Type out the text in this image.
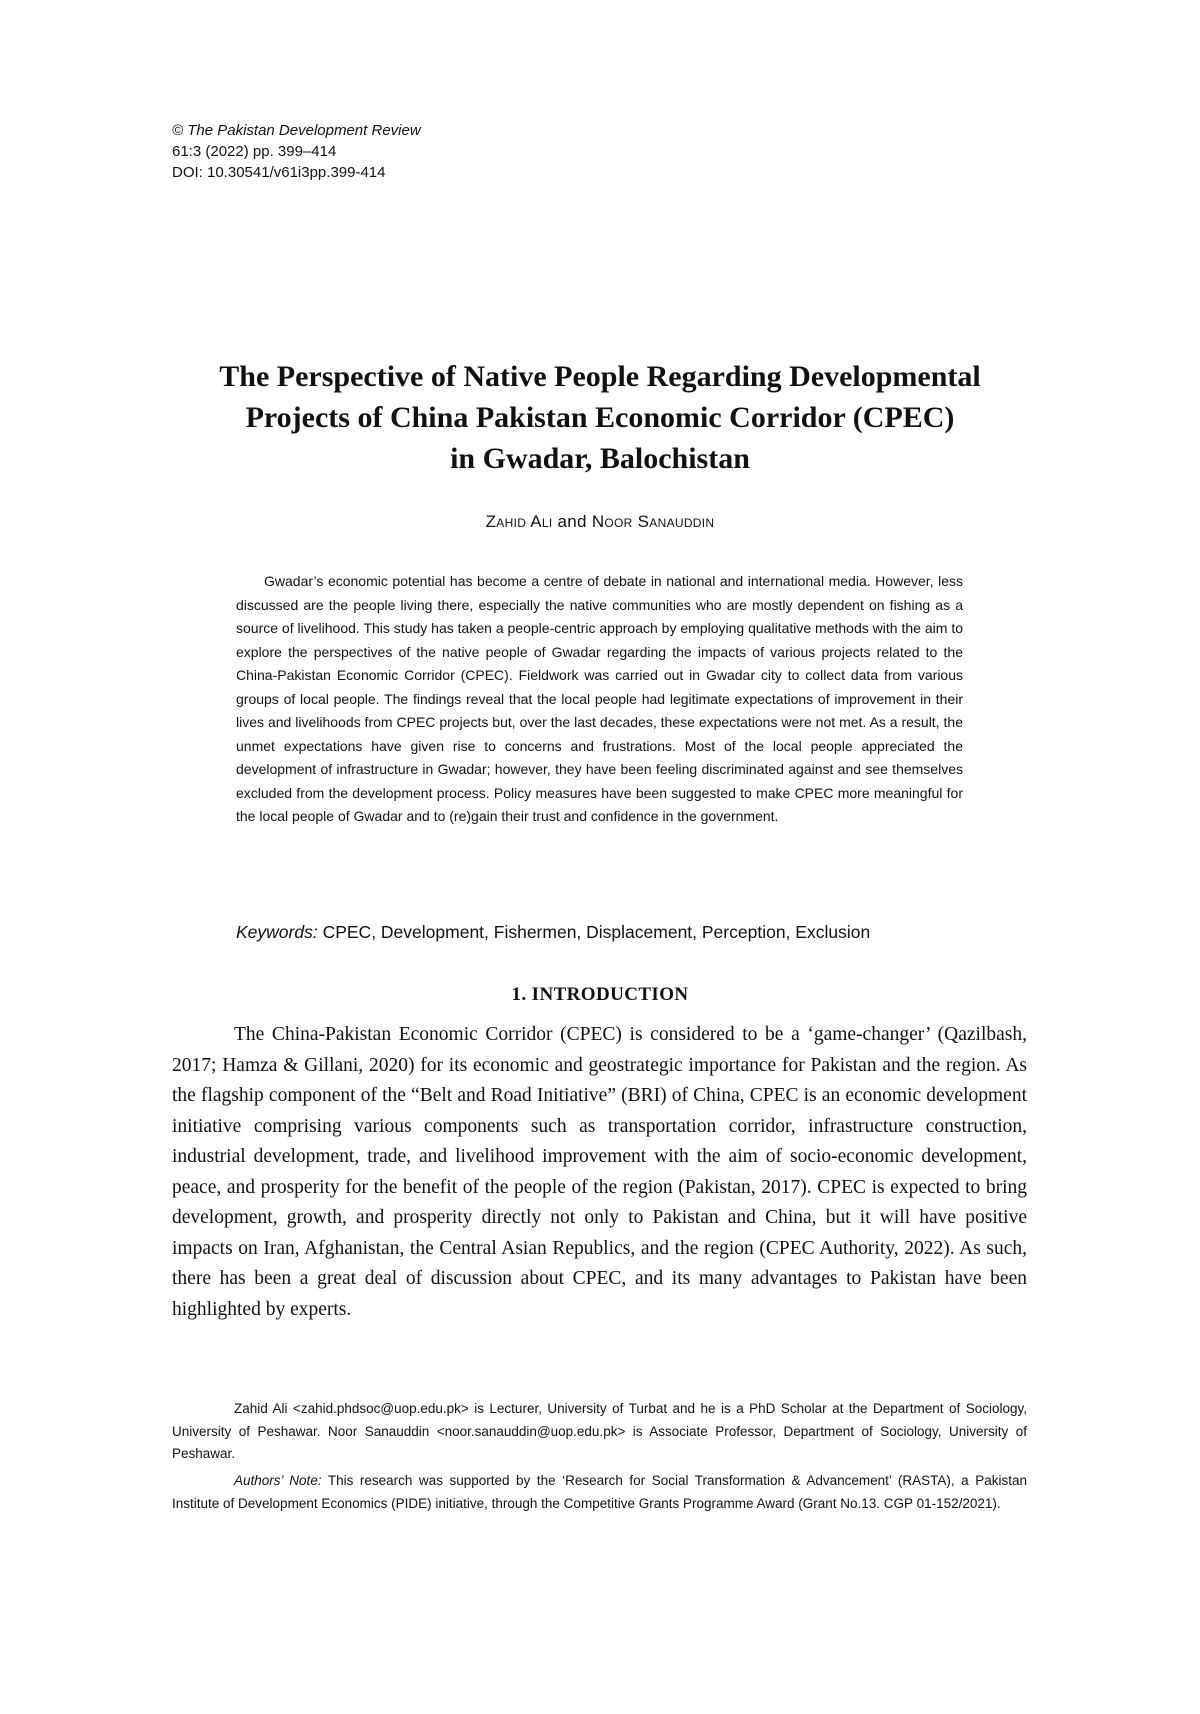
© The Pakistan Development Review
61:3 (2022) pp. 399–414
DOI: 10.30541/v61i3pp.399-414
The Perspective of Native People Regarding Developmental
Projects of China Pakistan Economic Corridor (CPEC)
in Gwadar, Balochistan
Zahid Ali and Noor Sanauddin

Gwadar’s economic potential has become a centre of debate in national and international media. However, less discussed are the people living there, especially the native communities who are mostly dependent on fishing as a source of livelihood. This study has taken a people-centric approach by employing qualitative methods with the aim to explore the perspectives of the native people of Gwadar regarding the impacts of various projects related to the China-Pakistan Economic Corridor (CPEC). Fieldwork was carried out in Gwadar city to collect data from various groups of local people. The findings reveal that the local people had legitimate expectations of improvement in their lives and livelihoods from CPEC projects but, over the last decades, these expectations were not met. As a result, the unmet expectations have given rise to concerns and frustrations. Most of the local people appreciated the development of infrastructure in Gwadar; however, they have been feeling discriminated against and see themselves excluded from the development process. Policy measures have been suggested to make CPEC more meaningful for the local people of Gwadar and to (re)gain their trust and confidence in the government.

Keywords: CPEC, Development, Fishermen, Displacement, Perception, Exclusion
1. INTRODUCTION

The China-Pakistan Economic Corridor (CPEC) is considered to be a ‘game-changer’ (Qazilbash, 2017; Hamza & Gillani, 2020) for its economic and geostrategic importance for Pakistan and the region. As the flagship component of the “Belt and Road Initiative” (BRI) of China, CPEC is an economic development initiative comprising various components such as transportation corridor, infrastructure construction, industrial development, trade, and livelihood improvement with the aim of socio-economic development, peace, and prosperity for the benefit of the people of the region (Pakistan, 2017). CPEC is expected to bring development, growth, and prosperity directly not only to Pakistan and China, but it will have positive impacts on Iran, Afghanistan, the Central Asian Republics, and the region (CPEC Authority, 2022). As such, there has been a great deal of discussion about CPEC, and its many advantages to Pakistan have been highlighted by experts.

Zahid Ali <zahid.phdsoc@uop.edu.pk> is Lecturer, University of Turbat and he is a PhD Scholar at the Department of Sociology, University of Peshawar. Noor Sanauddin <noor.sanauddin@uop.edu.pk> is Associate Professor, Department of Sociology, University of Peshawar.

Authors’ Note: This research was supported by the ‘Research for Social Transformation & Advancement’ (RASTA), a Pakistan Institute of Development Economics (PIDE) initiative, through the Competitive Grants Programme Award (Grant No.13. CGP 01-152/2021).
